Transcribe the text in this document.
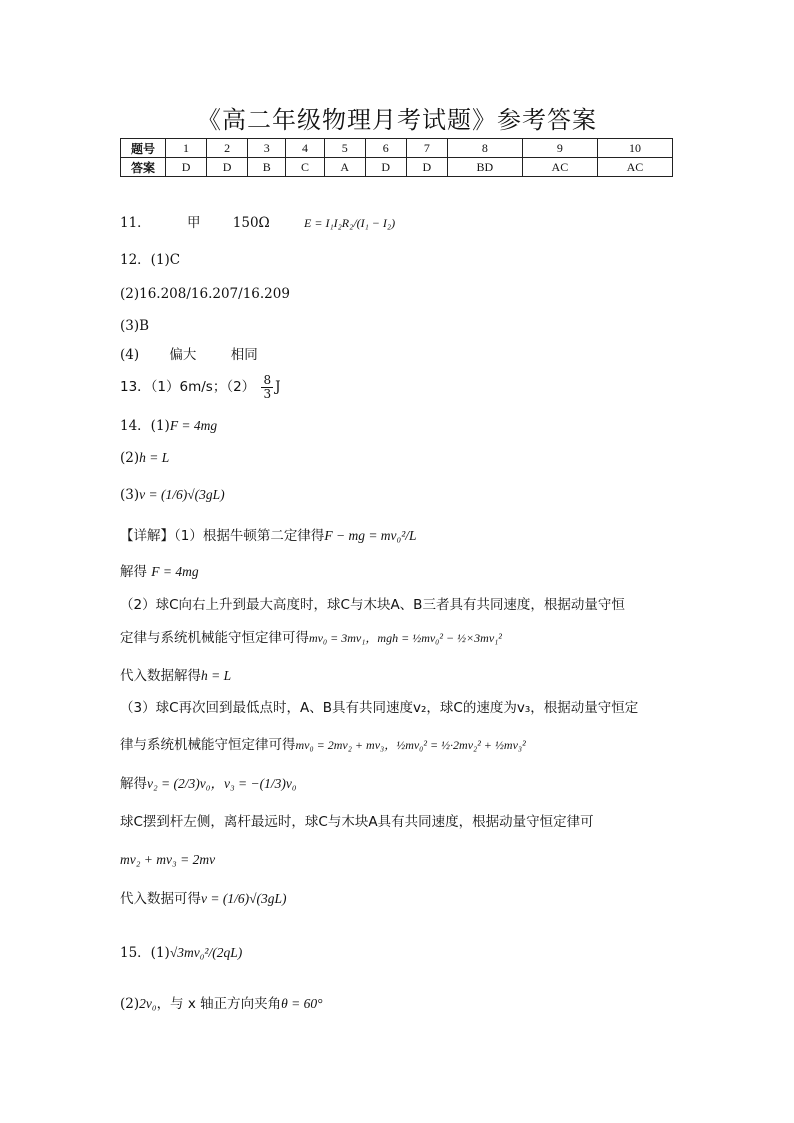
《高二年级物理月考试题》参考答案
题号	1	2	3	4	5	6	7	8	9	10
答案	D	D	B	C	A	D	D	BD	AC	AC
11．	甲 150Ω	E = I₁I₂R₂/(I₁ − I₂)
12．(1)C
(2)16.208/16.207/16.209
(3)B
(4) 偏大	相同
13．（1）6m/s；$(2) \frac{8}{3}$ J
14．(1)F = 4mg
(2)h = L
(3)v = (1/6)√(3gL)
【详解】（1）根据牛顿第二定律得F − mg = mv₀²/L
解得 F = 4mg
（2）球C向右上升到最大高度时，球C与木块A、B三者具有共同速度，根据动量守恒
定律与系统机械能守恒定律可得mv₀ = 3mv₁，mgh = ½mv₀² − ½×3mv₁²
代入数据解得h = L
（3）球C再次回到最低点时，A、B具有共同速度v₂，球C的速度为v₃，根据动量守恒定
律与系统机械能守恒定律可得mv₀ = 2mv₂ + mv₃，½mv₀² = ½·2mv₂² + ½mv₃²
解得v₂ = (2/3)v₀，v₃ = −(1/3)v₀
球C摆到杆左侧，离杆最远时，球C与木块A具有共同速度，根据动量守恒定律可
mv₂ + mv₃ = 2mv
代入数据可得v = (1/6)√(3gL)
15．(1)√3mv₀²/(2qL)
(2)2v₀，与 x 轴正方向夹角θ = 60°
